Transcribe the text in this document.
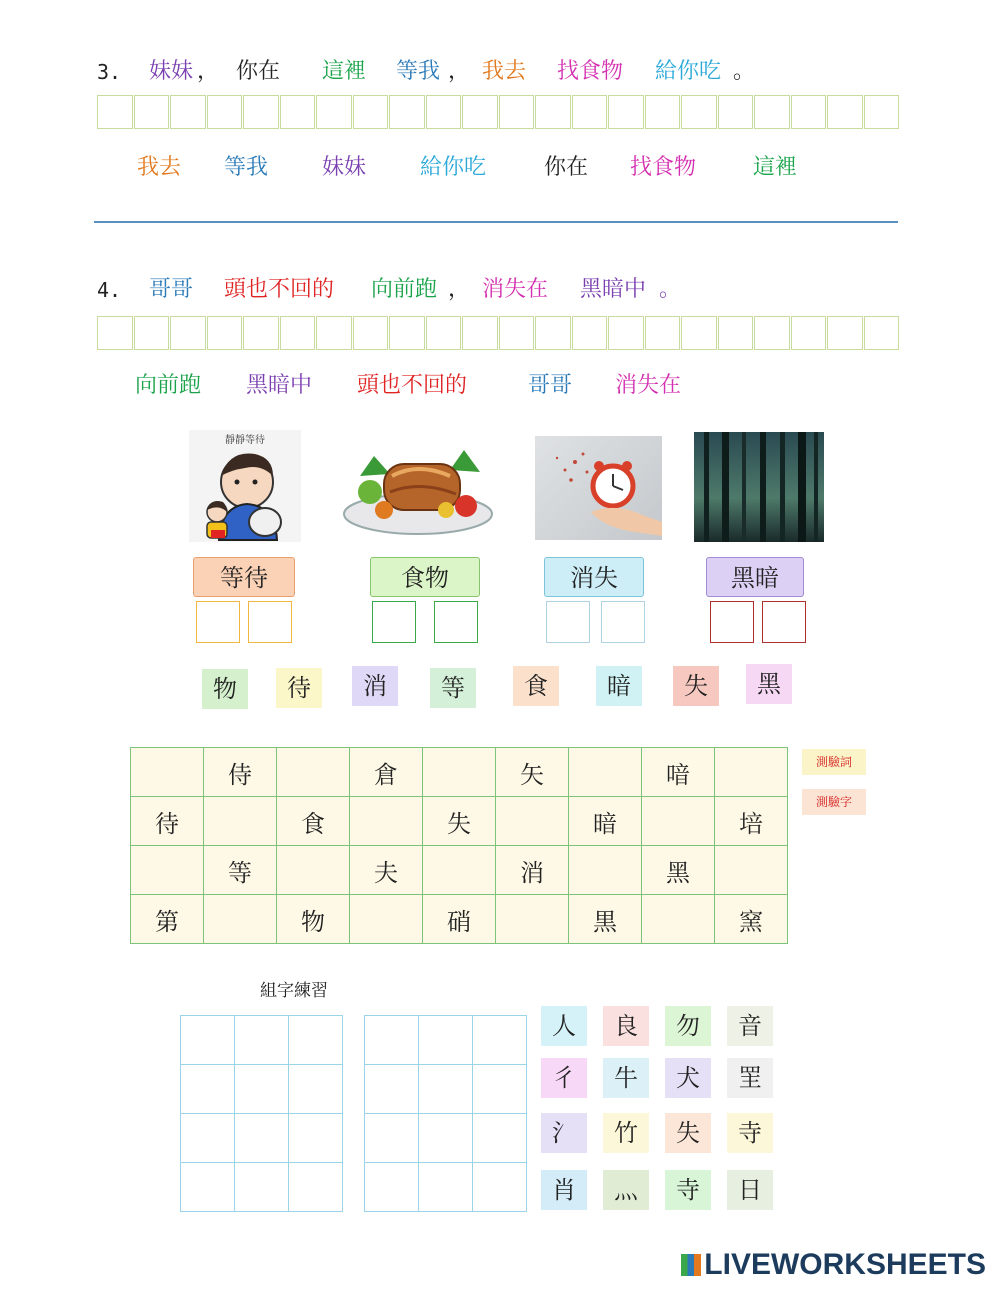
3. 妹妹 ， 你在 這裡 等我 ， 我去 找食物 給你吃 。
我去 等我 妹妹 給你吃	你在 找食物	這裡
4. 哥哥 頭也不回的 向前跑 ， 消失在 黑暗中 。
向前跑 黑暗中 頭也不回的	哥哥 消失在
靜靜等待
等待	食物	消失	黑暗
物	待	消	等	食	暗	失	黑
	侍		倉		矢		喑	
待		食		失		暗		培
	等		夫		消		黑	
第		物		硝		黒		窯
測驗詞
測驗字
組字練習

人	良	勿	音
彳	牛	犬	罜
氵	竹	失	寺
肖	灬	寺	日
LIVEWORKSHEETS
